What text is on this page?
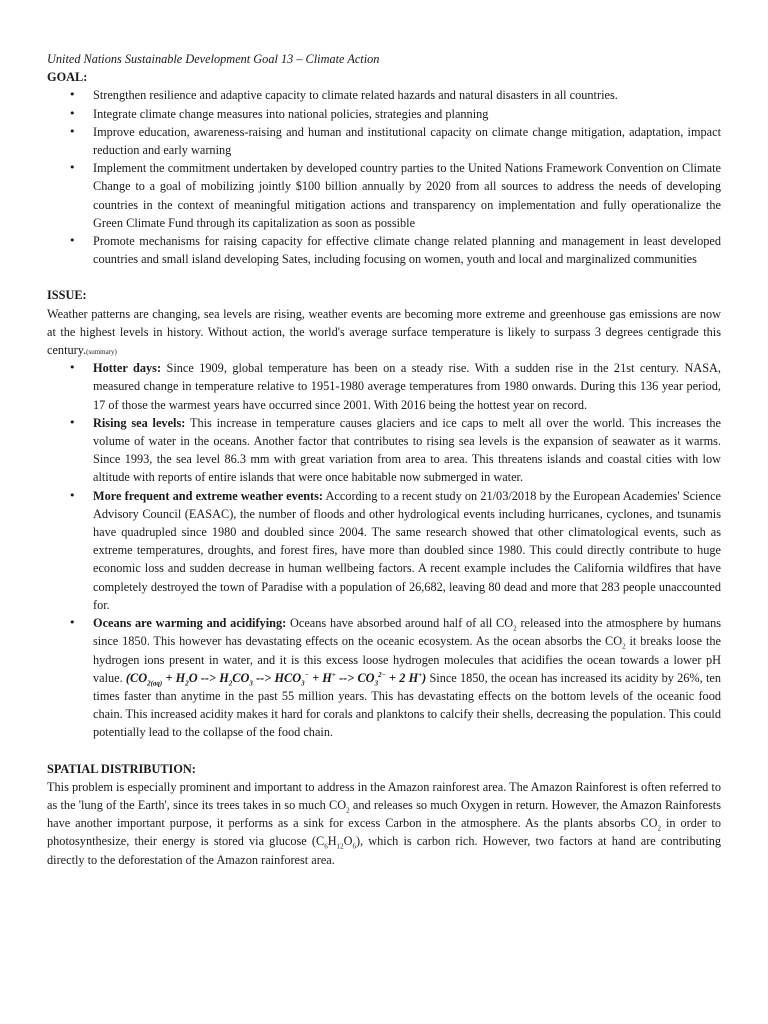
United Nations Sustainable Development Goal 13 – Climate Action

GOAL:

• Strengthen resilience and adaptive capacity to climate related hazards and natural disasters in all countries.
• Integrate climate change measures into national policies, strategies and planning
• Improve education, awareness-raising and human and institutional capacity on climate change mitigation, adaptation, impact reduction and early warning
• Implement the commitment undertaken by developed country parties to the United Nations Framework Convention on Climate Change to a goal of mobilizing jointly $100 billion annually by 2020 from all sources to address the needs of developing countries in the context of meaningful mitigation actions and transparency on implementation and fully operationalize the Green Climate Fund through its capitalization as soon as possible
• Promote mechanisms for raising capacity for effective climate change related planning and management in least developed countries and small island developing Sates, including focusing on women, youth and local and marginalized communities

ISSUE:

Weather patterns are changing, sea levels are rising, weather events are becoming more extreme and greenhouse gas emissions are now at the highest levels in history. Without action, the world's average surface temperature is likely to surpass 3 degrees centigrade this century.(summary)

• Hotter days: Since 1909, global temperature has been on a steady rise. With a sudden rise in the 21st century. NASA, measured change in temperature relative to 1951-1980 average temperatures from 1980 onwards. During this 136 year period, 17 of those the warmest years have occurred since 2001. With 2016 being the hottest year on record.
• Rising sea levels: This increase in temperature causes glaciers and ice caps to melt all over the world. This increases the volume of water in the oceans. Another factor that contributes to rising sea levels is the expansion of seawater as it warms. Since 1993, the sea level 86.3 mm with great variation from area to area. This threatens islands and coastal cities with low altitude with reports of entire islands that were once habitable now submerged in water.
• More frequent and extreme weather events: According to a recent study on 21/03/2018 by the European Academies' Science Advisory Council (EASAC), the number of floods and other hydrological events including hurricanes, cyclones, and tsunamis have quadrupled since 1980 and doubled since 2004. The same research showed that other climatological events, such as extreme temperatures, droughts, and forest fires, have more than doubled since 1980. This could directly contribute to huge economic loss and sudden decrease in human wellbeing factors. A recent example includes the California wildfires that have completely destroyed the town of Paradise with a population of 26,682, leaving 80 dead and more that 283 people unaccounted for.
• Oceans are warming and acidifying: Oceans have absorbed around half of all $CO_2$ released into the atmosphere by humans since 1850. This however has devastating effects on the oceanic ecosystem. As the ocean absorbs the $CO_2$ it breaks loose the hydrogen ions present in water, and it is this excess loose hydrogen molecules that acidifies the ocean towards a lower pH value. ($CO_{2(aq)} + H_2O$ --> $H_2CO_3$ --> $HCO_3^- + H^+$ --> $CO_3^{2-} + 2$ H+) Since 1850, the ocean has increased its acidity by 26%, ten times faster than anytime in the past 55 million years. This has devastating effects on the bottom levels of the oceanic food chain. This increased acidity makes it hard for corals and planktons to calcify their shells, decreasing the population. This could potentially lead to the collapse of the food chain.

SPATIAL DISTRIBUTION:

This problem is especially prominent and important to address in the Amazon rainforest area. The Amazon Rainforest is often referred to as the 'lung of the Earth', since its trees takes in so much $CO_2$ and releases so much Oxygen in return. However, the Amazon Rainforests have another important purpose, it performs as a sink for excess Carbon in the atmosphere. As the plants absorbs $CO_2$ in order to photosynthesize, their energy is stored via glucose $(C_6H_{12}O_6)$, which is carbon rich. However, two factors at hand are contributing directly to the deforestation of the Amazon rainforest area.
